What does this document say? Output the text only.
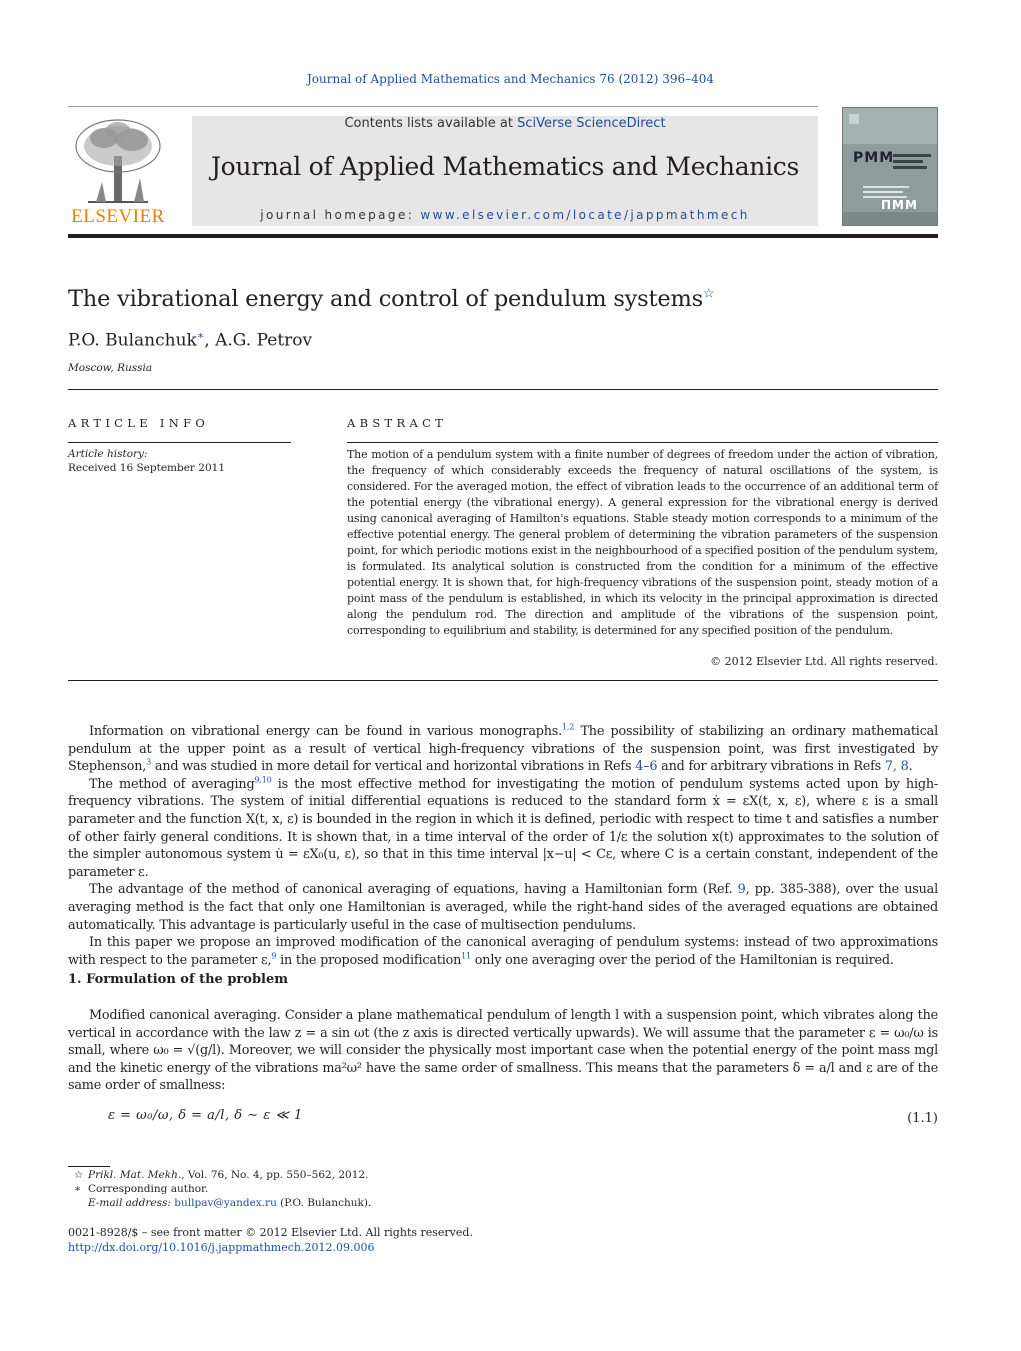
Journal of Applied Mathematics and Mechanics 76 (2012) 396–404
ELSEVIER
Contents lists available at SciVerse ScienceDirect
Journal of Applied Mathematics and Mechanics
journal homepage: www.elsevier.com/locate/jappmathmech
PMM
ПММ
The vibrational energy and control of pendulum systems☆
P.O. Bulanchuk∗, A.G. Petrov
Moscow, Russia
ARTICLE INFO	ABSTRACT
Article history:
Received 16 September 2011
The motion of a pendulum system with a finite number of degrees of freedom under the action of vibration, the frequency of which considerably exceeds the frequency of natural oscillations of the system, is considered. For the averaged motion, the effect of vibration leads to the occurrence of an additional term of the potential energy (the vibrational energy). A general expression for the vibrational energy is derived using canonical averaging of Hamilton's equations. Stable steady motion corresponds to a minimum of the effective potential energy. The general problem of determining the vibration parameters of the suspension point, for which periodic motions exist in the neighbourhood of a specified position of the pendulum system, is formulated. Its analytical solution is constructed from the condition for a minimum of the effective potential energy. It is shown that, for high-frequency vibrations of the suspension point, steady motion of a point mass of the pendulum is established, in which its velocity in the principal approximation is directed along the pendulum rod. The direction and amplitude of the vibrations of the suspension point, corresponding to equilibrium and stability, is determined for any specified position of the pendulum.
© 2012 Elsevier Ltd. All rights reserved.

Information on vibrational energy can be found in various monographs.$^{1,2}$ The possibility of stabilizing an ordinary mathematical pendulum at the upper point as a result of vertical high-frequency vibrations of the suspension point, was first investigated by Stephenson,$^3$ and was studied in more detail for vertical and horizontal vibrations in Refs 4–6 and for arbitrary vibrations in Refs 7, 8.

The method of averaging$^{9,10}$ is the most effective method for investigating the motion of pendulum systems acted upon by high-frequency vibrations. The system of initial differential equations is reduced to the standard form ẋ = εX(t, x, ε), where ε is a small parameter and the function X(t, x, ε) is bounded in the region in which it is defined, periodic with respect to time t and satisfies a number of other fairly general conditions. It is shown that, in a time interval of the order of 1/ε the solution x(t) approximates to the solution of the simpler autonomous system u̇ = εX₀(u, ε), so that in this time interval |x−u| < Cε, where C is a certain constant, independent of the parameter ε.

The advantage of the method of canonical averaging of equations, having a Hamiltonian form (Ref. 9, pp. 385-388), over the usual averaging method is the fact that only one Hamiltonian is averaged, while the right-hand sides of the averaged equations are obtained automatically. This advantage is particularly useful in the case of multisection pendulums.

In this paper we propose an improved modification of the canonical averaging of pendulum systems: instead of two approximations with respect to the parameter ε,$^9$ in the proposed modification$^{11}$ only one averaging over the period of the Hamiltonian is required.

1. Formulation of the problem

Modified canonical averaging. Consider a plane mathematical pendulum of length l with a suspension point, which vibrates along the vertical in accordance with the law z = a sin ωt (the z axis is directed vertically upwards). We will assume that the parameter ε = ω₀/ω is small, where ω₀ = √(g/l). Moreover, we will consider the physically most important case when the potential energy of the point mass mgl and the kinetic energy of the vibrations ma²ω² have the same order of smallness. This means that the parameters δ = a/l and ε are of the same order of smallness:

ε = ω₀/ω, δ = a/l, δ ∼ ε ≪ 1	(1.1)
☆ Prikl. Mat. Mekh., Vol. 76, No. 4, pp. 550–562, 2012.
∗ Corresponding author.
E-mail address: bullpav@yandex.ru (P.O. Bulanchuk).
0021-8928/$ – see front matter © 2012 Elsevier Ltd. All rights reserved.
http://dx.doi.org/10.1016/j.jappmathmech.2012.09.006
